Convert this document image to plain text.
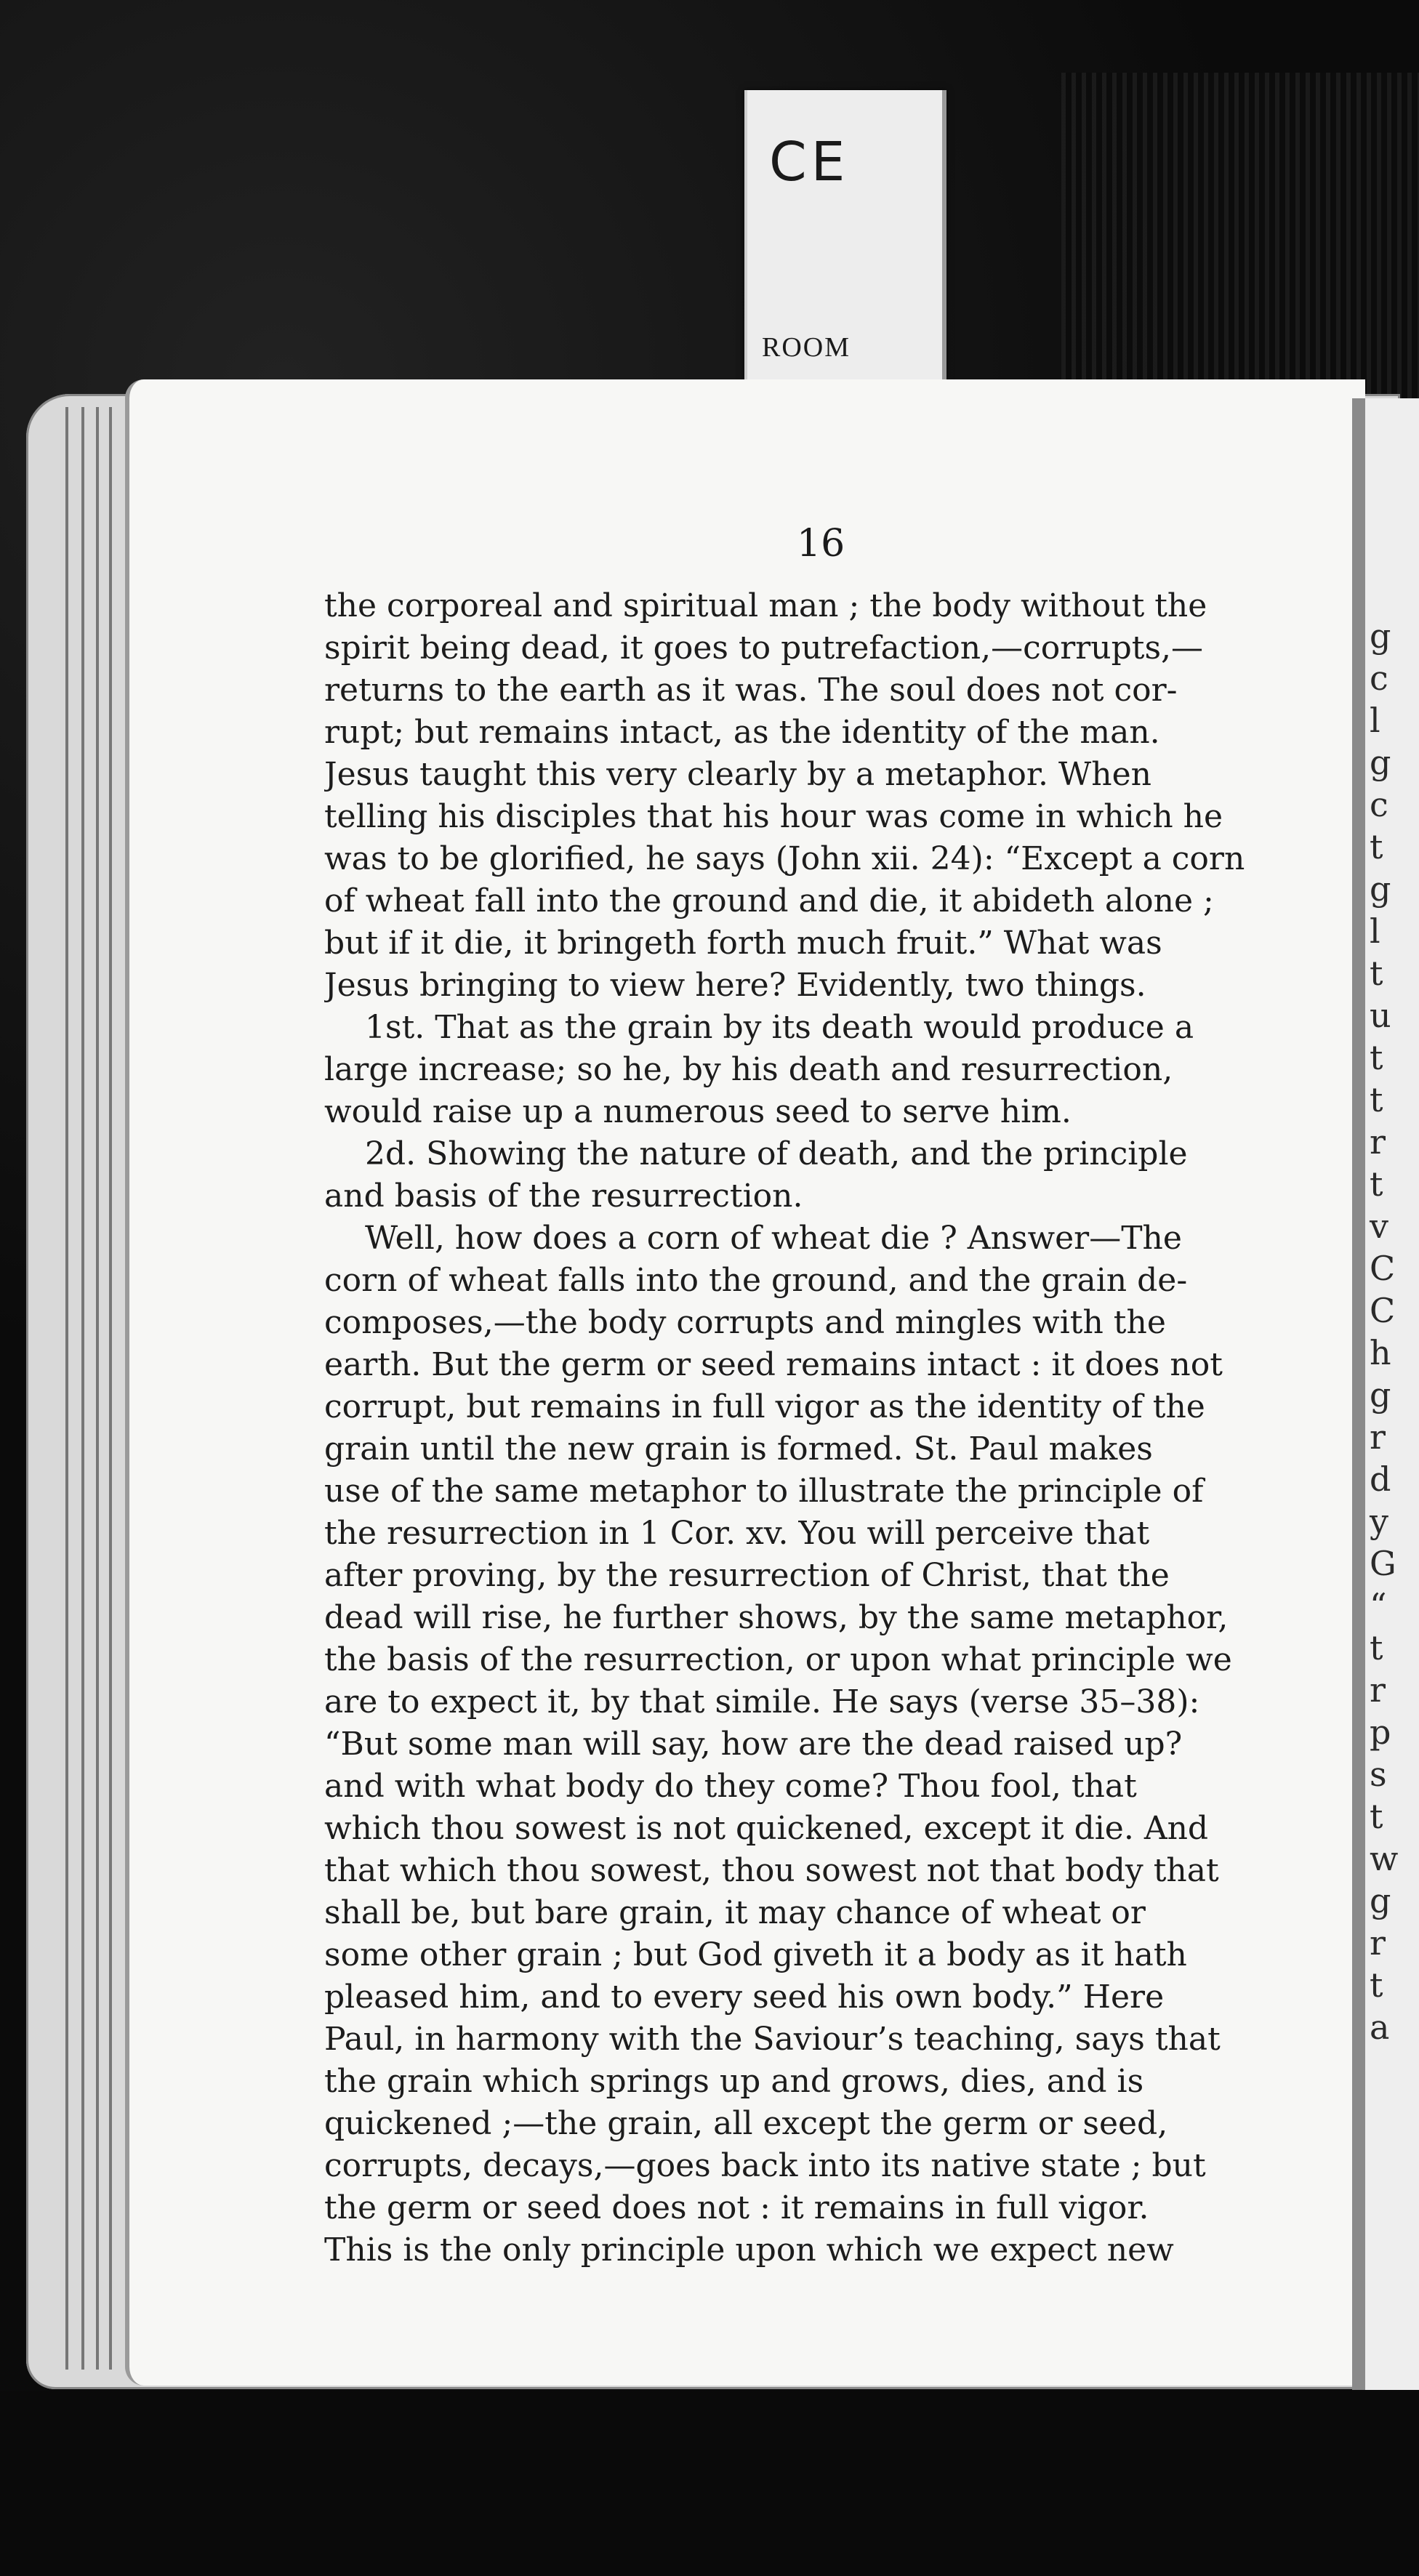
CE
ROOM
g
c
l
g
c
t
g
l
t
u
t
t
r
t
v
C
C
h
g
r
d
y
G
“
t
r
p
s
t
w
g
r
t
a
16
the corporeal and spiritual man ; the body without the
spirit being dead, it goes to putrefaction,—corrupts,—
returns to the earth as it was. The soul does not cor-
rupt; but remains intact, as the identity of the man.
Jesus taught this very clearly by a metaphor. When
telling his disciples that his hour was come in which he
was to be glorified, he says (John xii. 24): “Except a corn
of wheat fall into the ground and die, it abideth alone ;
but if it die, it bringeth forth much fruit.” What was
Jesus bringing to view here? Evidently, two things.
1st. That as the grain by its death would produce a
large increase; so he, by his death and resurrection,
would raise up a numerous seed to serve him.
2d. Showing the nature of death, and the principle
and basis of the resurrection.
Well, how does a corn of wheat die ? Answer—The
corn of wheat falls into the ground, and the grain de-
composes,—the body corrupts and mingles with the
earth. But the germ or seed remains intact : it does not
corrupt, but remains in full vigor as the identity of the
grain until the new grain is formed. St. Paul makes
use of the same metaphor to illustrate the principle of
the resurrection in 1 Cor. xv. You will perceive that
after proving, by the resurrection of Christ, that the
dead will rise, he further shows, by the same metaphor,
the basis of the resurrection, or upon what principle we
are to expect it, by that simile. He says (verse 35–38):
“But some man will say, how are the dead raised up?
and with what body do they come? Thou fool, that
which thou sowest is not quickened, except it die. And
that which thou sowest, thou sowest not that body that
shall be, but bare grain, it may chance of wheat or
some other grain ; but God giveth it a body as it hath
pleased him, and to every seed his own body.” Here
Paul, in harmony with the Saviour’s teaching, says that
the grain which springs up and grows, dies, and is
quickened ;—the grain, all except the germ or seed,
corrupts, decays,—goes back into its native state ; but
the germ or seed does not : it remains in full vigor.
This is the only principle upon which we expect new
